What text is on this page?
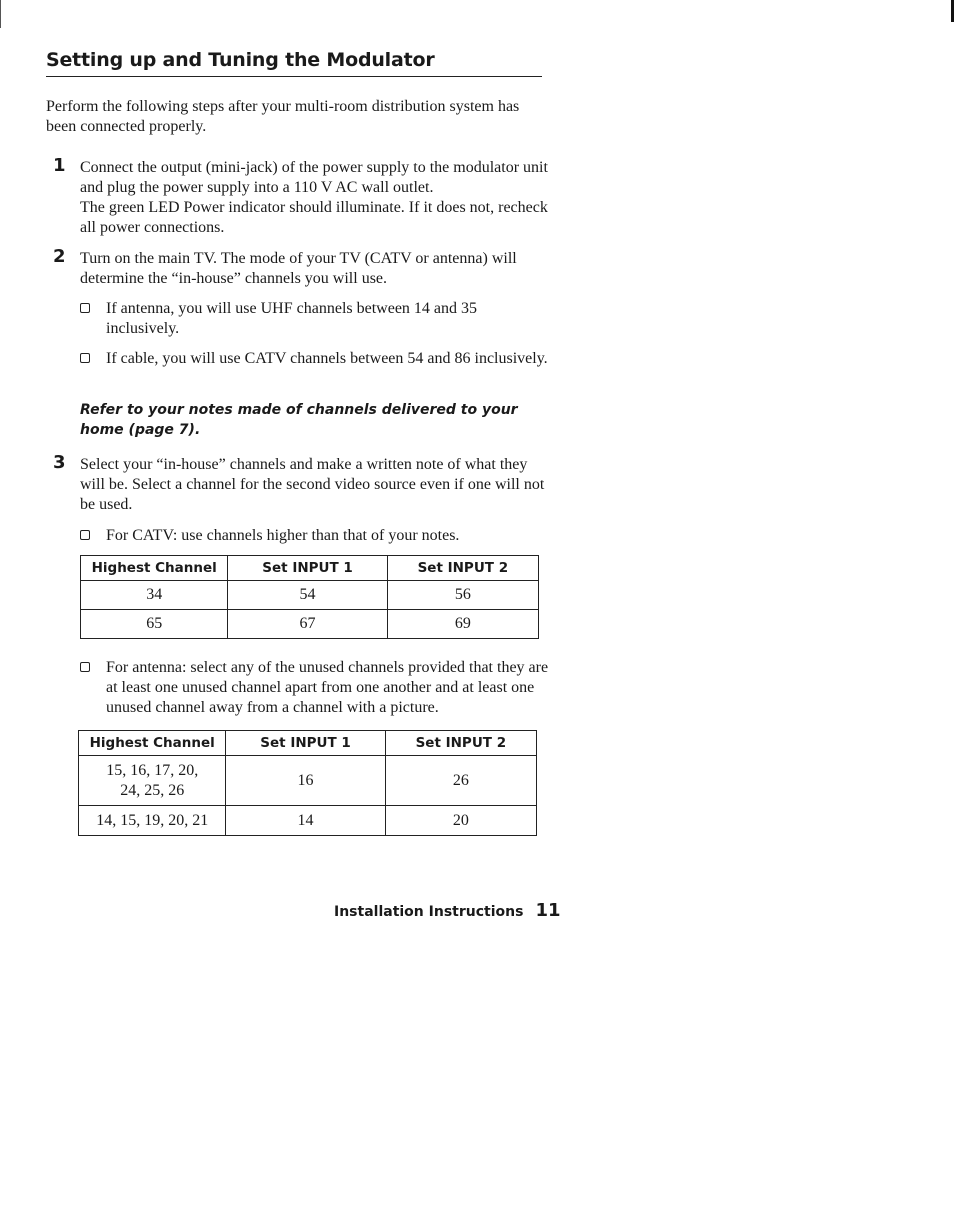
Setting up and Tuning the Modulator

Perform the following steps after your multi-room distribution system has been connected properly.

1 Connect the output (mini-jack) of the power supply to the modulator unit and plug the power supply into a 110 V AC wall outlet.

The green LED Power indicator should illuminate. If it does not, recheck all power connections.

2 Turn on the main TV. The mode of your TV (CATV or antenna) will determine the “in-house” channels you will use.

If antenna, you will use UHF channels between 14 and 35 inclusively.
If cable, you will use CATV channels between 54 and 86 inclusively.

Refer to your notes made of channels delivered to your home (page 7).

3 Select your “in-house” channels and make a written note of what they will be. Select a channel for the second video source even if one will not be used.

For CATV: use channels higher than that of your notes.
Highest Channel	Set INPUT 1	Set INPUT 2
34	54	56
65	67	69
For antenna: select any of the unused channels provided that they are at least one unused channel apart from one another and at least one unused channel away from a channel with a picture.
Highest Channel	Set INPUT 1	Set INPUT 2

15, 16, 17, 20,
24, 25, 26	16	26
14, 15, 19, 20, 21	14	20
Installation Instructions 11
